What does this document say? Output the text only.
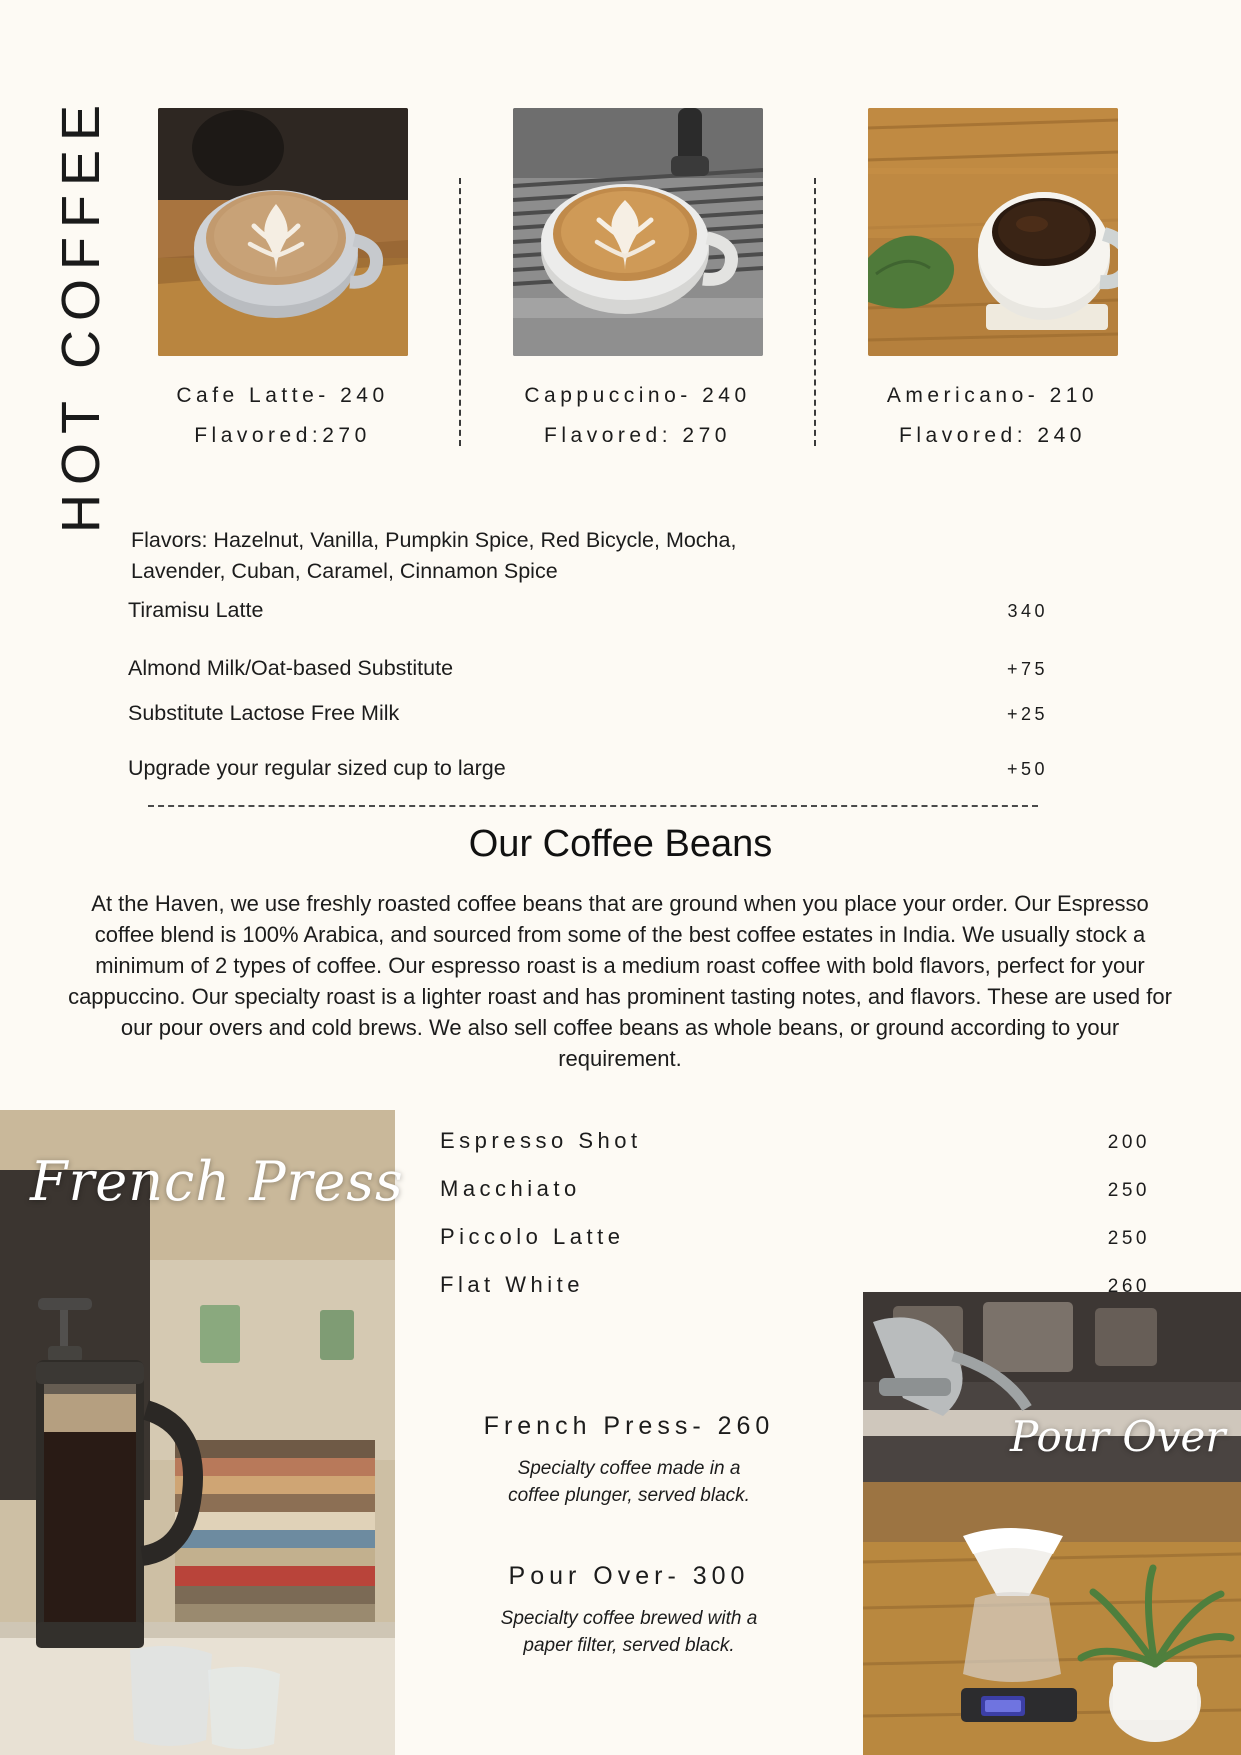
HOT COFFEE	Cafe Latte- 240
Flavored:270
Cappuccino- 240
Flavored: 270
Americano- 210
Flavored: 240
Flavors: Hazelnut, Vanilla, Pumpkin Spice, Red Bicycle, Mocha,
Lavender, Cuban, Caramel, Cinnamon Spice
Tiramisu Latte	340
Almond Milk/Oat-based Substitute	+75
Substitute Lactose Free Milk	+25
Upgrade your regular sized cup to large	+50
Our Coffee Beans
At the Haven, we use freshly roasted coffee beans that are ground when you place your order. Our Espresso coffee blend is 100% Arabica, and sourced from some of the best coffee estates in India. We usually stock a minimum of 2 types of coffee. Our espresso roast is a medium roast coffee with bold flavors, perfect for your cappuccino. Our specialty roast is a lighter roast and has prominent tasting notes, and flavors. These are used for our pour overs and cold brews. We also sell coffee beans as whole beans, or ground according to your requirement.
French Press
Pour Over
Espresso Shot	200
Macchiato	250
Piccolo Latte	250
Flat White	260
French Press- 260
Specialty coffee made in a
coffee plunger, served black.
Pour Over- 300
Specialty coffee brewed with a
paper filter, served black.
